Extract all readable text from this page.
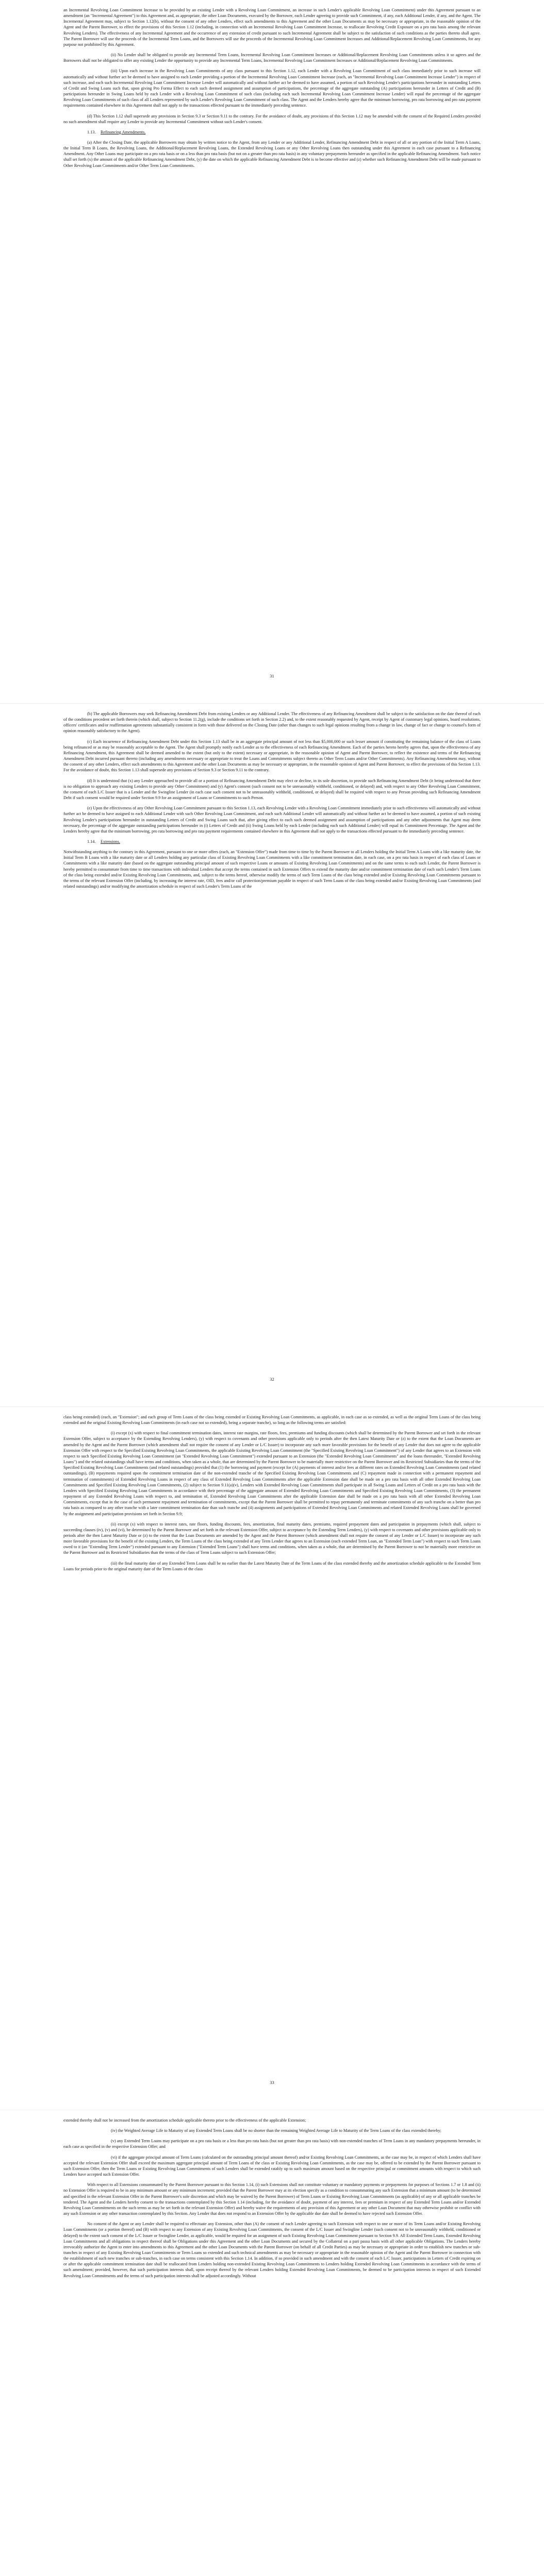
an Incremental Revolving Loan Commitment Increase to be provided by an existing Lender with a Revolving Loan Commitment, an increase in such Lender's applicable Revolving Loan Commitment) under this Agreement pursuant to an amendment (an "Incremental Agreement") to this Agreement and, as appropriate, the other Loan Documents, executed by the Borrower, each Lender agreeing to provide such Commitment, if any, each Additional Lender, if any, and the Agent. The Incremental Agreement may, subject to Section 1.12(b), without the consent of any other Lenders, effect such amendments to this Agreement and the other Loan Documents as may be necessary or appropriate, in the reasonable opinion of the Agent and the Parent Borrower, to effect the provisions of this Section 1.12 (including, in connection with an Incremental Revolving Loan Commitment Increase, to reallocate Revolving Credit Exposure on a pro rata basis among the relevant Revolving Lenders). The effectiveness of any Incremental Agreement and the occurrence of any extension of credit pursuant to such Incremental Agreement shall be subject to the satisfaction of such conditions as the parties thereto shall agree. The Parent Borrower will use the proceeds of the Incremental Term Loans, and the Borrowers will use the proceeds of the Incremental Revolving Loan Commitment Increases and Additional/Replacement Revolving Loan Commitments, for any purpose not prohibited by this Agreement.

(ii) No Lender shall be obligated to provide any Incremental Term Loans, Incremental Revolving Loan Commitment Increases or Additional/Replacement Revolving Loan Commitments unless it so agrees and the Borrowers shall not be obligated to offer any existing Lender the opportunity to provide any Incremental Term Loans, Incremental Revolving Loan Commitment Increases or Additional/Replacement Revolving Loan Commitments.

(iii) Upon each increase in the Revolving Loan Commitments of any class pursuant to this Section 1.12, each Lender with a Revolving Loan Commitment of such class immediately prior to such increase will automatically and without further act be deemed to have assigned to each Lender providing a portion of the Incremental Revolving Loan Commitment Increase (each, an "Incremental Revolving Loan Commitment Increase Lender") in respect of such increase, and each such Incremental Revolving Loan Commitment Increase Lender will automatically and without further act be deemed to have assumed, a portion of such Revolving Lender's participations hereunder in outstanding Letters of Credit and Swing Loans such that, upon giving Pro Forma Effect to each such deemed assignment and assumption of participations, the percentage of the aggregate outstanding (A) participations hereunder in Letters of Credit and (B) participations hereunder in Swing Loans held by each Lender with a Revolving Loan Commitment of such class (including each such Incremental Revolving Loan Commitment Increase Lender) will equal the percentage of the aggregate Revolving Loan Commitments of such class of all Lenders represented by such Lender's Revolving Loan Commitment of such class. The Agent and the Lenders hereby agree that the minimum borrowing, pro rata borrowing and pro rata payment requirements contained elsewhere in this Agreement shall not apply to the transactions effected pursuant to the immediately preceding sentence.

(d) This Section 1.12 shall supersede any provisions in Section 9.3 or Section 9.11 to the contrary. For the avoidance of doubt, any provisions of this Section 1.12 may be amended with the consent of the Required Lenders provided no such amendment shall require any Lender to provide any Incremental Commitment without such Lender's consent.

1.13. Refinancing Amendments.

(a) After the Closing Date, the applicable Borrowers may obtain by written notice to the Agent, from any Lender or any Additional Lender, Refinancing Amendment Debt in respect of all or any portion of the Initial Term A Loans, the Initial Term B Loans, the Revolving Loans, the Additional/Replacement Revolving Loans, the Extended Revolving Loans or any Other Revolving Loans then outstanding under this Agreement in each case pursuant to a Refinancing Amendment. Any Other Loans may participate on a pro rata basis or on a less than pro rata basis (but not on a greater than pro rata basis) in any voluntary prepayments hereunder as specified in the applicable Refinancing Amendment. Such notice shall set forth (x) the amount of the applicable Refinancing Amendment Debt, (y) the date on which the applicable Refinancing Amendment Debt is to become effective and (z) whether such Refinancing Amendment Debt will be made pursuant to Other Revolving Loan Commitments and/or Other Term Loan Commitments.

31

(b) The applicable Borrowers may seek Refinancing Amendment Debt from existing Lenders or any Additional Lender. The effectiveness of any Refinancing Amendment shall be subject to the satisfaction on the date thereof of each of the conditions precedent set forth therein (which shall, subject to Section 11.2(g), include the conditions set forth in Section 2.2) and, to the extent reasonably requested by Agent, receipt by Agent of customary legal opinions, board resolutions, officers' certificates and/or reaffirmation agreements substantially consistent in form with those delivered on the Closing Date (other than changes to such legal opinions resulting from a change in law, change of fact or change to counsel's form of opinion reasonably satisfactory to the Agent).

(c) Each incurrence of Refinancing Amendment Debt under this Section 1.13 shall be in an aggregate principal amount of not less than $5,000,000 or such lesser amount if constituting the remaining balance of the class of Loans being refinanced or as may be reasonably acceptable to the Agent. The Agent shall promptly notify each Lender as to the effectiveness of each Refinancing Amendment. Each of the parties hereto hereby agrees that, upon the effectiveness of any Refinancing Amendment, this Agreement shall be deemed amended to the extent (but only to the extent) necessary or appropriate, in the reasonable opinion of Agent and Parent Borrower, to reflect the existence and terms of the Refinancing Amendment Debt incurred pursuant thereto (including any amendments necessary or appropriate to treat the Loans and Commitments subject thereto as Other Term Loans and/or Other Commitments). Any Refinancing Amendment may, without the consent of any other Lenders, effect such amendments to this Agreement and the other Loan Documents as may be necessary or appropriate, in the reasonable opinion of Agent and Parent Borrower, to effect the provisions of this Section 1.13. For the avoidance of doubt, this Section 1.13 shall supersede any provisions of Section 9.3 or Section 9.11 to the contrary.

(d) It is understood that (x) any Lender approached to provide all or a portion of Refinancing Amendment Debt may elect or decline, in its sole discretion, to provide such Refinancing Amendment Debt (it being understood that there is no obligation to approach any existing Lenders to provide any Other Commitment) and (y) Agent's consent (such consent not to be unreasonably withheld, conditioned, or delayed) and, with respect to any Other Revolving Loan Commitment, the consent of each L/C Issuer that is a Lender and the Swingline Lender (in each case such consent not to be unreasonably withheld, conditioned, or delayed) shall be required with respect to any Person providing such Refinancing Amendment Debt if such consent would be required under Section 9.9 for an assignment of Loans or Commitments to such Person.

(e) Upon the effectiveness of any Other Revolving Loan Commitment pursuant to this Section 1.13, each Revolving Lender with a Revolving Loan Commitment immediately prior to such effectiveness will automatically and without further act be deemed to have assigned to each Additional Lender with such Other Revolving Loan Commitment, and each such Additional Lender will automatically and without further act be deemed to have assumed, a portion of such existing Revolving Lender's participations hereunder in outstanding Letters of Credit and Swing Loans such that, after giving effect to each such deemed assignment and assumption of participations and any other adjustments that Agent may deem necessary, the percentage of the aggregate outstanding participations hereunder in (i) Letters of Credit and (ii) Swing Loans held by each Lender (including each such Additional Lender) will equal its Commitment Percentage. The Agent and the Lenders hereby agree that the minimum borrowing, pro rata borrowing and pro rata payment requirements contained elsewhere in this Agreement shall not apply to the transactions effected pursuant to the immediately preceding sentence.

1.14. Extensions.

Notwithstanding anything to the contrary in this Agreement, pursuant to one or more offers (each, an "Extension Offer") made from time to time by the Parent Borrower to all Lenders holding the Initial Term A Loans with a like maturity date, the Initial Term B Loans with a like maturity date or all Lenders holding any particular class of Existing Revolving Loan Commitments with a like commitment termination date, in each case, on a pro rata basis in respect of each class of Loans or Commitments with a like maturity date (based on the aggregate outstanding principal amount of such respective Loans or amounts of Existing Revolving Loan Commitments) and on the same terms to each such Lender, the Parent Borrower is hereby permitted to consummate from time to time transactions with individual Lenders that accept the terms contained in such Extension Offers to extend the maturity date and/or commitment termination date of each such Lender's Term Loans of the class being extended and/or Existing Revolving Loan Commitments, and, subject to the terms hereof, otherwise modify the terms of such Term Loans of the class being extended and/or Existing Revolving Loan Commitments pursuant to the terms of the relevant Extension Offer (including, by increasing the interest rate, OID, fees and/or call protection/premium payable in respect of such Term Loans of the class being extended and/or Existing Revolving Loan Commitments (and related outstandings) and/or modifying the amortization schedule in respect of such Lender's Term Loans of the

32

class being extended) (each, an "Extension"; and each group of Term Loans of the class being extended or Existing Revolving Loan Commitments, as applicable, in each case as so extended, as well as the original Term Loans of the class being extended and the original Existing Revolving Loan Commitments (in each case not so extended), being a separate tranche), so long as the following terms are satisfied:

(i) except (x) with respect to final commitment termination dates, interest rate margins, rate floors, fees, premiums and funding discounts (which shall be determined by the Parent Borrower and set forth in the relevant Extension Offer, subject to acceptance by the Extending Revolving Lenders), (y) with respect to covenants and other provisions applicable only to periods after the then Latest Maturity Date or (z) to the extent that the Loan Documents are amended by the Agent and the Parent Borrower (which amendment shall not require the consent of any Lender or L/C Issuer) to incorporate any such more favorable provisions for the benefit of any Lender that does not agree to the applicable Extension Offer with respect to the Specified Existing Revolving Loan Commitments, the applicable Existing Revolving Loan Commitment (the "Specified Existing Revolving Loan Commitment") of any Lender that agrees to an Extension with respect to such Specified Existing Revolving Loan Commitment (an "Extended Revolving Loan Commitment") extended pursuant to an Extension (the "Extended Revolving Loan Commitments" and the loans thereunder, "Extended Revolving Loans") and the related outstandings shall have terms and conditions, when taken as a whole, that are determined by the Parent Borrower to be materially more restrictive on the Parent Borrower and its Restricted Subsidiaries than the terms of the Specified Existing Revolving Loan Commitments (and related outstandings) provided that (1) the borrowing and payment (except for (A) payments of interest and/or fees at different rates on Extended Revolving Loan Commitments (and related outstandings), (B) repayments required upon the commitment termination date of the non-extended tranche of the Specified Existing Revolving Loan Commitments and (C) repayment made in connection with a permanent repayment and termination of commitments) of Extended Revolving Loans in respect of any class of Extended Revolving Loan Commitments after the applicable Extension date shall be made on a pro rata basis with all other Extended Revolving Loan Commitments and Specified Existing Revolving Loan Commitments, (2) subject to Section 9.11(a)(v), Lenders with Extended Revolving Loan Commitments shall participate in all Swing Loans and Letters of Credit on a pro rata basis with the Lenders with Specified Existing Revolving Loan Commitments in accordance with their percentage of the aggregate amount of Extended Revolving Loan Commitments and Specified Existing Revolving Loan Commitments, (3) the permanent repayment of any Extended Revolving Loans with respect to, and termination of, Extended Revolving Loan Commitments after the applicable Extension date shall be made on a pro rata basis with all other Extended Revolving Loan Commitments, except that in the case of such permanent repayment and termination of commitments, except that the Parent Borrower shall be permitted to repay permanently and terminate commitments of any such tranche on a better than pro rata basis as compared to any other tranche with a later commitment termination date than such tranche and (4) assignments and participations of Extended Revolving Loan Commitments and related Extended Revolving Loans shall be governed by the assignment and participation provisions set forth in Section 9.9;

(ii) except (x) with respect to interest rates, rate floors, funding discounts, fees, amortization, final maturity dates, premiums, required prepayment dates and participation in prepayments (which shall, subject to succeeding clauses (iv), (v) and (vi), be determined by the Parent Borrower and set forth in the relevant Extension Offer, subject to acceptance by the Extending Term Lenders), (y) with respect to covenants and other provisions applicable only to periods after the then Latest Maturity Date or (z) to the extent that the Loan Documents are amended by the Agent and the Parent Borrower (which amendment shall not require the consent of any Lender or L/C Issuer) to incorporate any such more favorable provisions for the benefit of the existing Lenders, the Term Loans of the class being extended of any Term Lender that agrees to an Extension (each extended Term Loan, an "Extended Term Loan") with respect to such Term Loans owed to it (an "Extending Term Lender") extended pursuant to any Extension ("Extended Term Loans") shall have terms and conditions, when taken as a whole, that are determined by the Parent Borrower to not be materially more restrictive on the Parent Borrower and its Restricted Subsidiaries than the terms of the class of Term Loans subject to such Extension Offer;

(iii) the final maturity date of any Extended Term Loans shall be no earlier than the Latest Maturity Date of the Term Loans of the class extended thereby and the amortization schedule applicable to the Extended Term Loans for periods prior to the original maturity date of the Term Loans of the class

33

extended thereby shall not be increased from the amortization schedule applicable thereto prior to the effectiveness of the applicable Extension;

(iv) the Weighted Average Life to Maturity of any Extended Term Loans shall be no shorter than the remaining Weighted Average Life to Maturity of the Term Loans of the class extended thereby;

(v) any Extended Term Loans may participate on a pro rata basis or a less than pro rata basis (but not greater than pro rata basis) with non-extended tranches of Term Loans in any mandatory prepayments hereunder, in each case as specified in the respective Extension Offer; and

(vi) if the aggregate principal amount of Term Loans (calculated on the outstanding principal amount thereof) and/or Existing Revolving Loan Commitments, as the case may be, in respect of which Lenders shall have accepted the relevant Extension Offer shall exceed the maximum aggregate principal amount of Term Loans of the class or Existing Revolving Loan Commitments, as the case may be, offered to be extended by the Parent Borrower pursuant to such Extension Offer, then the Term Loans or Existing Revolving Loan Commitments of such Lenders shall be extended ratably up to such maximum amount based on the respective principal or commitment amounts with respect to which such Lenders have accepted such Extension Offer.

With respect to all Extensions consummated by the Parent Borrower pursuant to this Section 1.14, (i) such Extensions shall not constitute voluntary or mandatory payments or prepayments for purposes of Sections 1.7 or 1.8 and (ii) no Extension Offer is required to be in any minimum amount or any minimum increment; provided that the Parent Borrower may at its election specify as a condition to consummating any such Extension that a minimum amount (to be determined and specified in the relevant Extension Offer in the Parent Borrower's sole discretion and which may be waived by the Parent Borrower) of Term Loans or Existing Revolving Loan Commitments (as applicable) of any or all applicable tranches be tendered. The Agent and the Lenders hereby consent to the transactions contemplated by this Section 1.14 (including, for the avoidance of doubt, payment of any interest, fees or premium in respect of any Extended Term Loans and/or Extended Revolving Loan Commitments on the such terms as may be set forth in the relevant Extension Offer) and hereby waive the requirements of any provision of this Agreement or any other Loan Document that may otherwise prohibit or conflict with any such Extension or any other transaction contemplated by this Section. Any Lender that does not respond to an Extension Offer by the applicable due date shall be deemed to have rejected such Extension Offer.

No consent of the Agent or any Lender shall be required to effectuate any Extension, other than (A) the consent of each Lender agreeing to such Extension with respect to one or more of its Term Loans and/or Existing Revolving Loan Commitments (or a portion thereof) and (B) with respect to any Extension of any Existing Revolving Loan Commitments, the consent of the L/C Issuer and Swingline Lender (such consent not to be unreasonably withheld, conditioned or delayed) to the extent such consent of the L/C Issuer or Swingline Lender, as applicable, would be required for an assignment of such Existing Revolving Loan Commitment pursuant to Section 9.9. All Extended Term Loans, Extended Revolving Loan Commitments and all obligations in respect thereof shall be Obligations under this Agreement and the other Loan Documents and secured by the Collateral on a pari passu basis with all other applicable Obligations. The Lenders hereby irrevocably authorize the Agent to enter into amendments to this Agreement and the other Loan Documents with the Parent Borrower (on behalf of all Credit Parties) as may be necessary or appropriate in order to establish new tranches or sub-tranches in respect of any Existing Revolving Loan Commitments or Term Loans so extended and such technical amendments as may be necessary or appropriate in the reasonable opinion of the Agent and the Parent Borrower in connection with the establishment of such new tranches or sub-tranches, in each case on terms consistent with this Section 1.14. In addition, if so provided in such amendment and with the consent of each L/C Issuer, participations in Letters of Credit expiring on or after the applicable commitment termination date shall be reallocated from Lenders holding non-extended Existing Revolving Loan Commitments to Lenders holding Extended Revolving Loan Commitments in accordance with the terms of such amendment; provided, however, that such participation interests shall, upon receipt thereof by the relevant Lenders holding Extended Revolving Loan Commitments, be deemed to be participation interests in respect of such Extended Revolving Loan Commitments and the terms of such participation interests shall be adjusted accordingly. Without
